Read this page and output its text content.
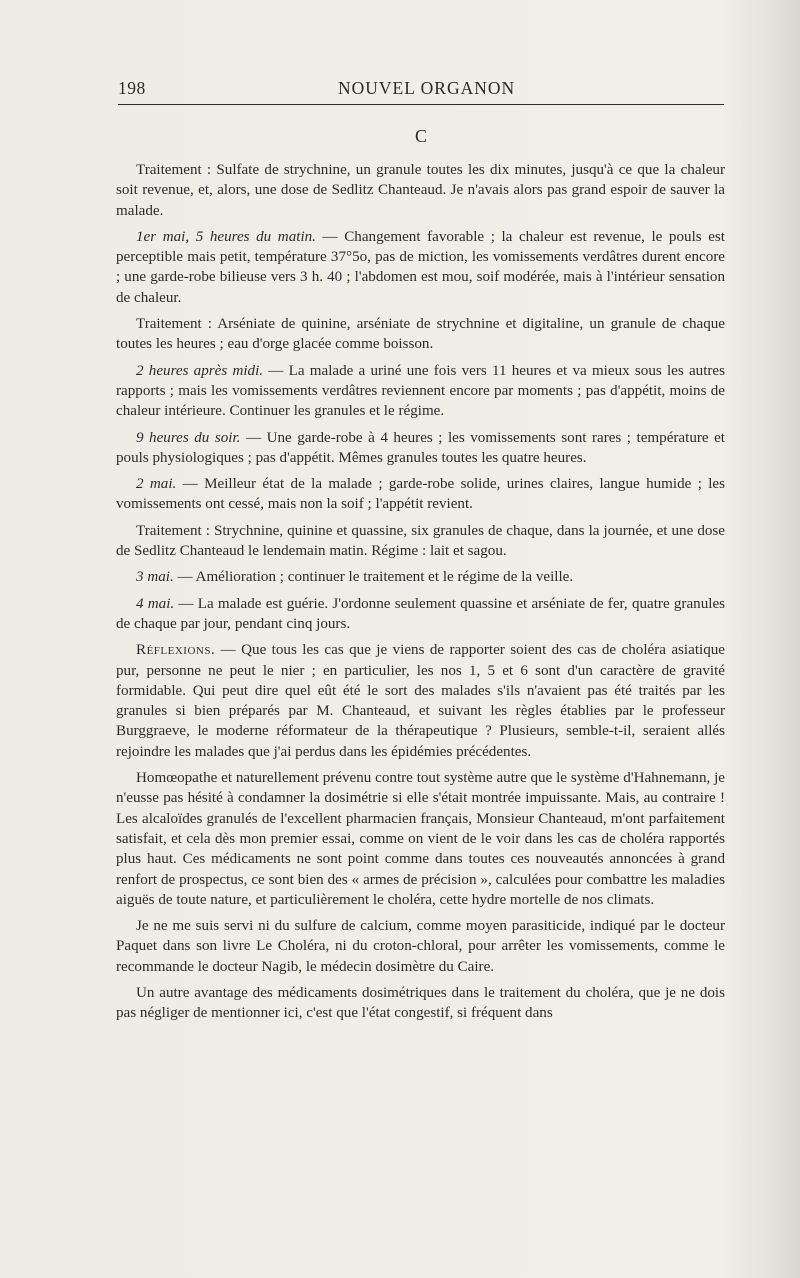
198	NOUVEL ORGANON
C

Traitement : Sulfate de strychnine, un granule toutes les dix minutes, jusqu'à ce que la chaleur soit revenue, et, alors, une dose de Sedlitz Chanteaud. Je n'avais alors pas grand espoir de sauver la malade.

1er mai, 5 heures du matin. — Changement favorable ; la chaleur est revenue, le pouls est perceptible mais petit, température 37°5o, pas de miction, les vomissements verdâtres durent encore ; une garde-robe bilieuse vers 3 h. 40 ; l'abdomen est mou, soif modérée, mais à l'intérieur sensation de chaleur.

Traitement : Arséniate de quinine, arséniate de strychnine et digitaline, un granule de chaque toutes les heures ; eau d'orge glacée comme boisson.

2 heures après midi. — La malade a uriné une fois vers 11 heures et va mieux sous les autres rapports ; mais les vomissements verdâtres reviennent encore par moments ; pas d'appétit, moins de chaleur intérieure. Continuer les granules et le régime.

9 heures du soir. — Une garde-robe à 4 heures ; les vomissements sont rares ; température et pouls physiologiques ; pas d'appétit. Mêmes granules toutes les quatre heures.

2 mai. — Meilleur état de la malade ; garde-robe solide, urines claires, langue humide ; les vomissements ont cessé, mais non la soif ; l'appétit revient.

Traitement : Strychnine, quinine et quassine, six granules de chaque, dans la journée, et une dose de Sedlitz Chanteaud le lendemain matin. Régime : lait et sagou.

3 mai. — Amélioration ; continuer le traitement et le régime de la veille.

4 mai. — La malade est guérie. J'ordonne seulement quassine et arséniate de fer, quatre granules de chaque par jour, pendant cinq jours.

Réflexions. — Que tous les cas que je viens de rapporter soient des cas de choléra asiatique pur, personne ne peut le nier ; en particulier, les nos 1, 5 et 6 sont d'un caractère de gravité formidable. Qui peut dire quel eût été le sort des malades s'ils n'avaient pas été traités par les granules si bien préparés par M. Chanteaud, et suivant les règles établies par le professeur Burggraeve, le moderne réformateur de la thérapeutique ? Plusieurs, semble-t-il, seraient allés rejoindre les malades que j'ai perdus dans les épidémies précédentes.

Homœopathe et naturellement prévenu contre tout système autre que le système d'Hahnemann, je n'eusse pas hésité à condamner la dosimétrie si elle s'était montrée impuissante. Mais, au contraire ! Les alcaloïdes granulés de l'excellent pharmacien français, Monsieur Chanteaud, m'ont parfaitement satisfait, et cela dès mon premier essai, comme on vient de le voir dans les cas de choléra rapportés plus haut. Ces médicaments ne sont point comme dans toutes ces nouveautés annoncées à grand renfort de prospectus, ce sont bien des « armes de précision », calculées pour combattre les maladies aiguës de toute nature, et particulièrement le choléra, cette hydre mortelle de nos climats.

Je ne me suis servi ni du sulfure de calcium, comme moyen parasiticide, indiqué par le docteur Paquet dans son livre Le Choléra, ni du croton-chloral, pour arrêter les vomissements, comme le recommande le docteur Nagib, le médecin dosimètre du Caire.

Un autre avantage des médicaments dosimétriques dans le traitement du choléra, que je ne dois pas négliger de mentionner ici, c'est que l'état congestif, si fréquent dans
